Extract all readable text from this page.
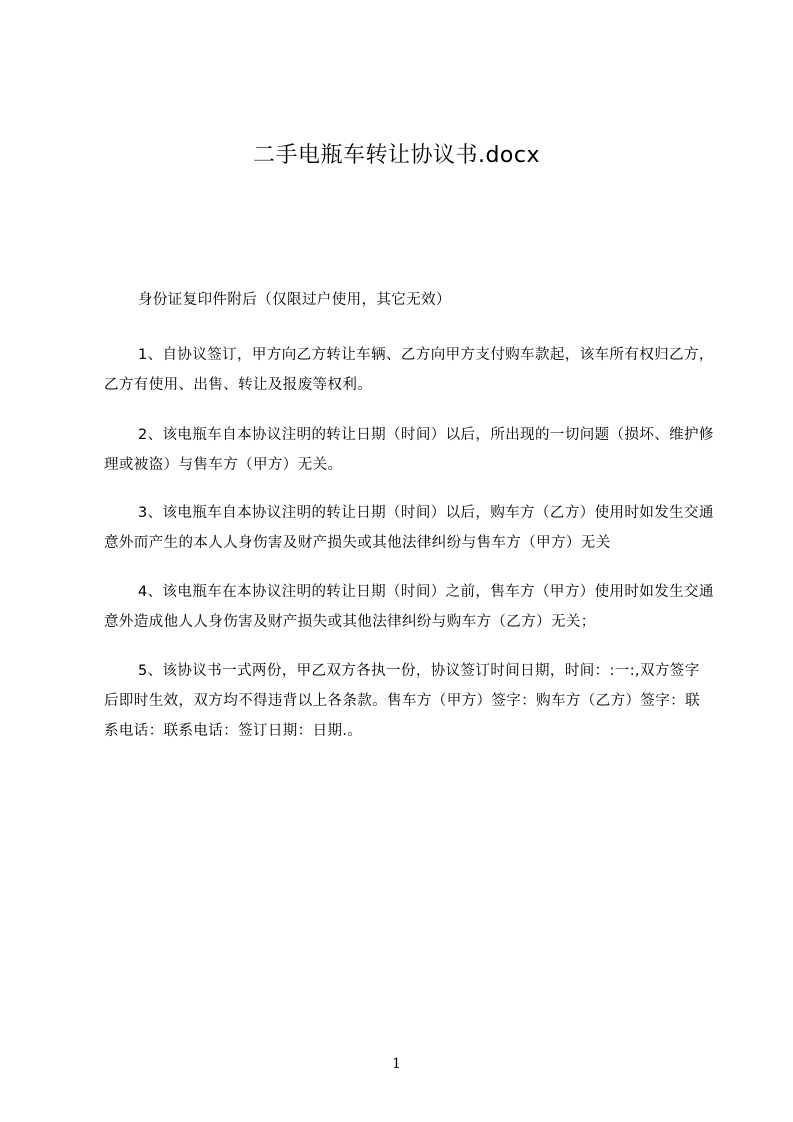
二手电瓶车转让协议书.docx

身份证复印件附后（仅限过户使用，其它无效）

1、自协议签订，甲方向乙方转让车辆、乙方向甲方支付购车款起，该车所有权归乙方，乙方有使用、出售、转让及报废等权利。

2、该电瓶车自本协议注明的转让日期（时间）以后，所出现的一切问题（损坏、维护修理或被盗）与售车方（甲方）无关。

3、该电瓶车自本协议注明的转让日期（时间）以后，购车方（乙方）使用时如发生交通意外而产生的本人人身伤害及财产损失或其他法律纠纷与售车方（甲方）无关

4、该电瓶车在本协议注明的转让日期（时间）之前，售车方（甲方）使用时如发生交通意外造成他人人身伤害及财产损失或其他法律纠纷与购车方（乙方）无关；

5、该协议书一式两份，甲乙双方各执一份，协议签订时间日期，时间：:一:,双方签字后即时生效，双方均不得违背以上各条款。售车方（甲方）签字：购车方（乙方）签字：联系电话：联系电话：签订日期：日期.。

1
